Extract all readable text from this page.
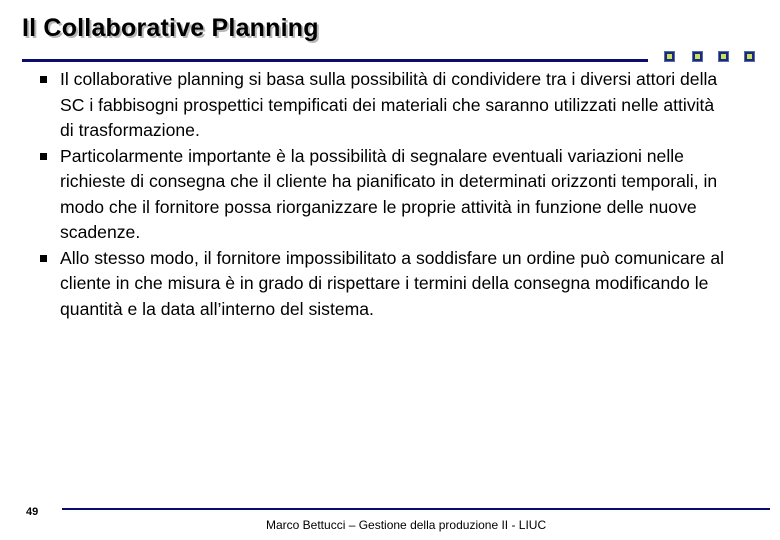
Il Collaborative Planning
Il collaborative planning si basa sulla possibilità di condividere tra i diversi attori della SC i fabbisogni prospettici tempificati dei materiali che saranno utilizzati nelle attività di trasformazione.
Particolarmente importante è la possibilità di segnalare eventuali variazioni nelle richieste di consegna che il cliente ha pianificato in determinati orizzonti temporali, in modo che il fornitore possa riorganizzare le proprie attività in funzione delle nuove scadenze.
Allo stesso modo, il fornitore impossibilitato a soddisfare un ordine può comunicare al cliente in che misura è in grado di rispettare i termini della consegna modificando le quantità e la data all’interno del sistema.
49
Marco Bettucci – Gestione della produzione II - LIUC
